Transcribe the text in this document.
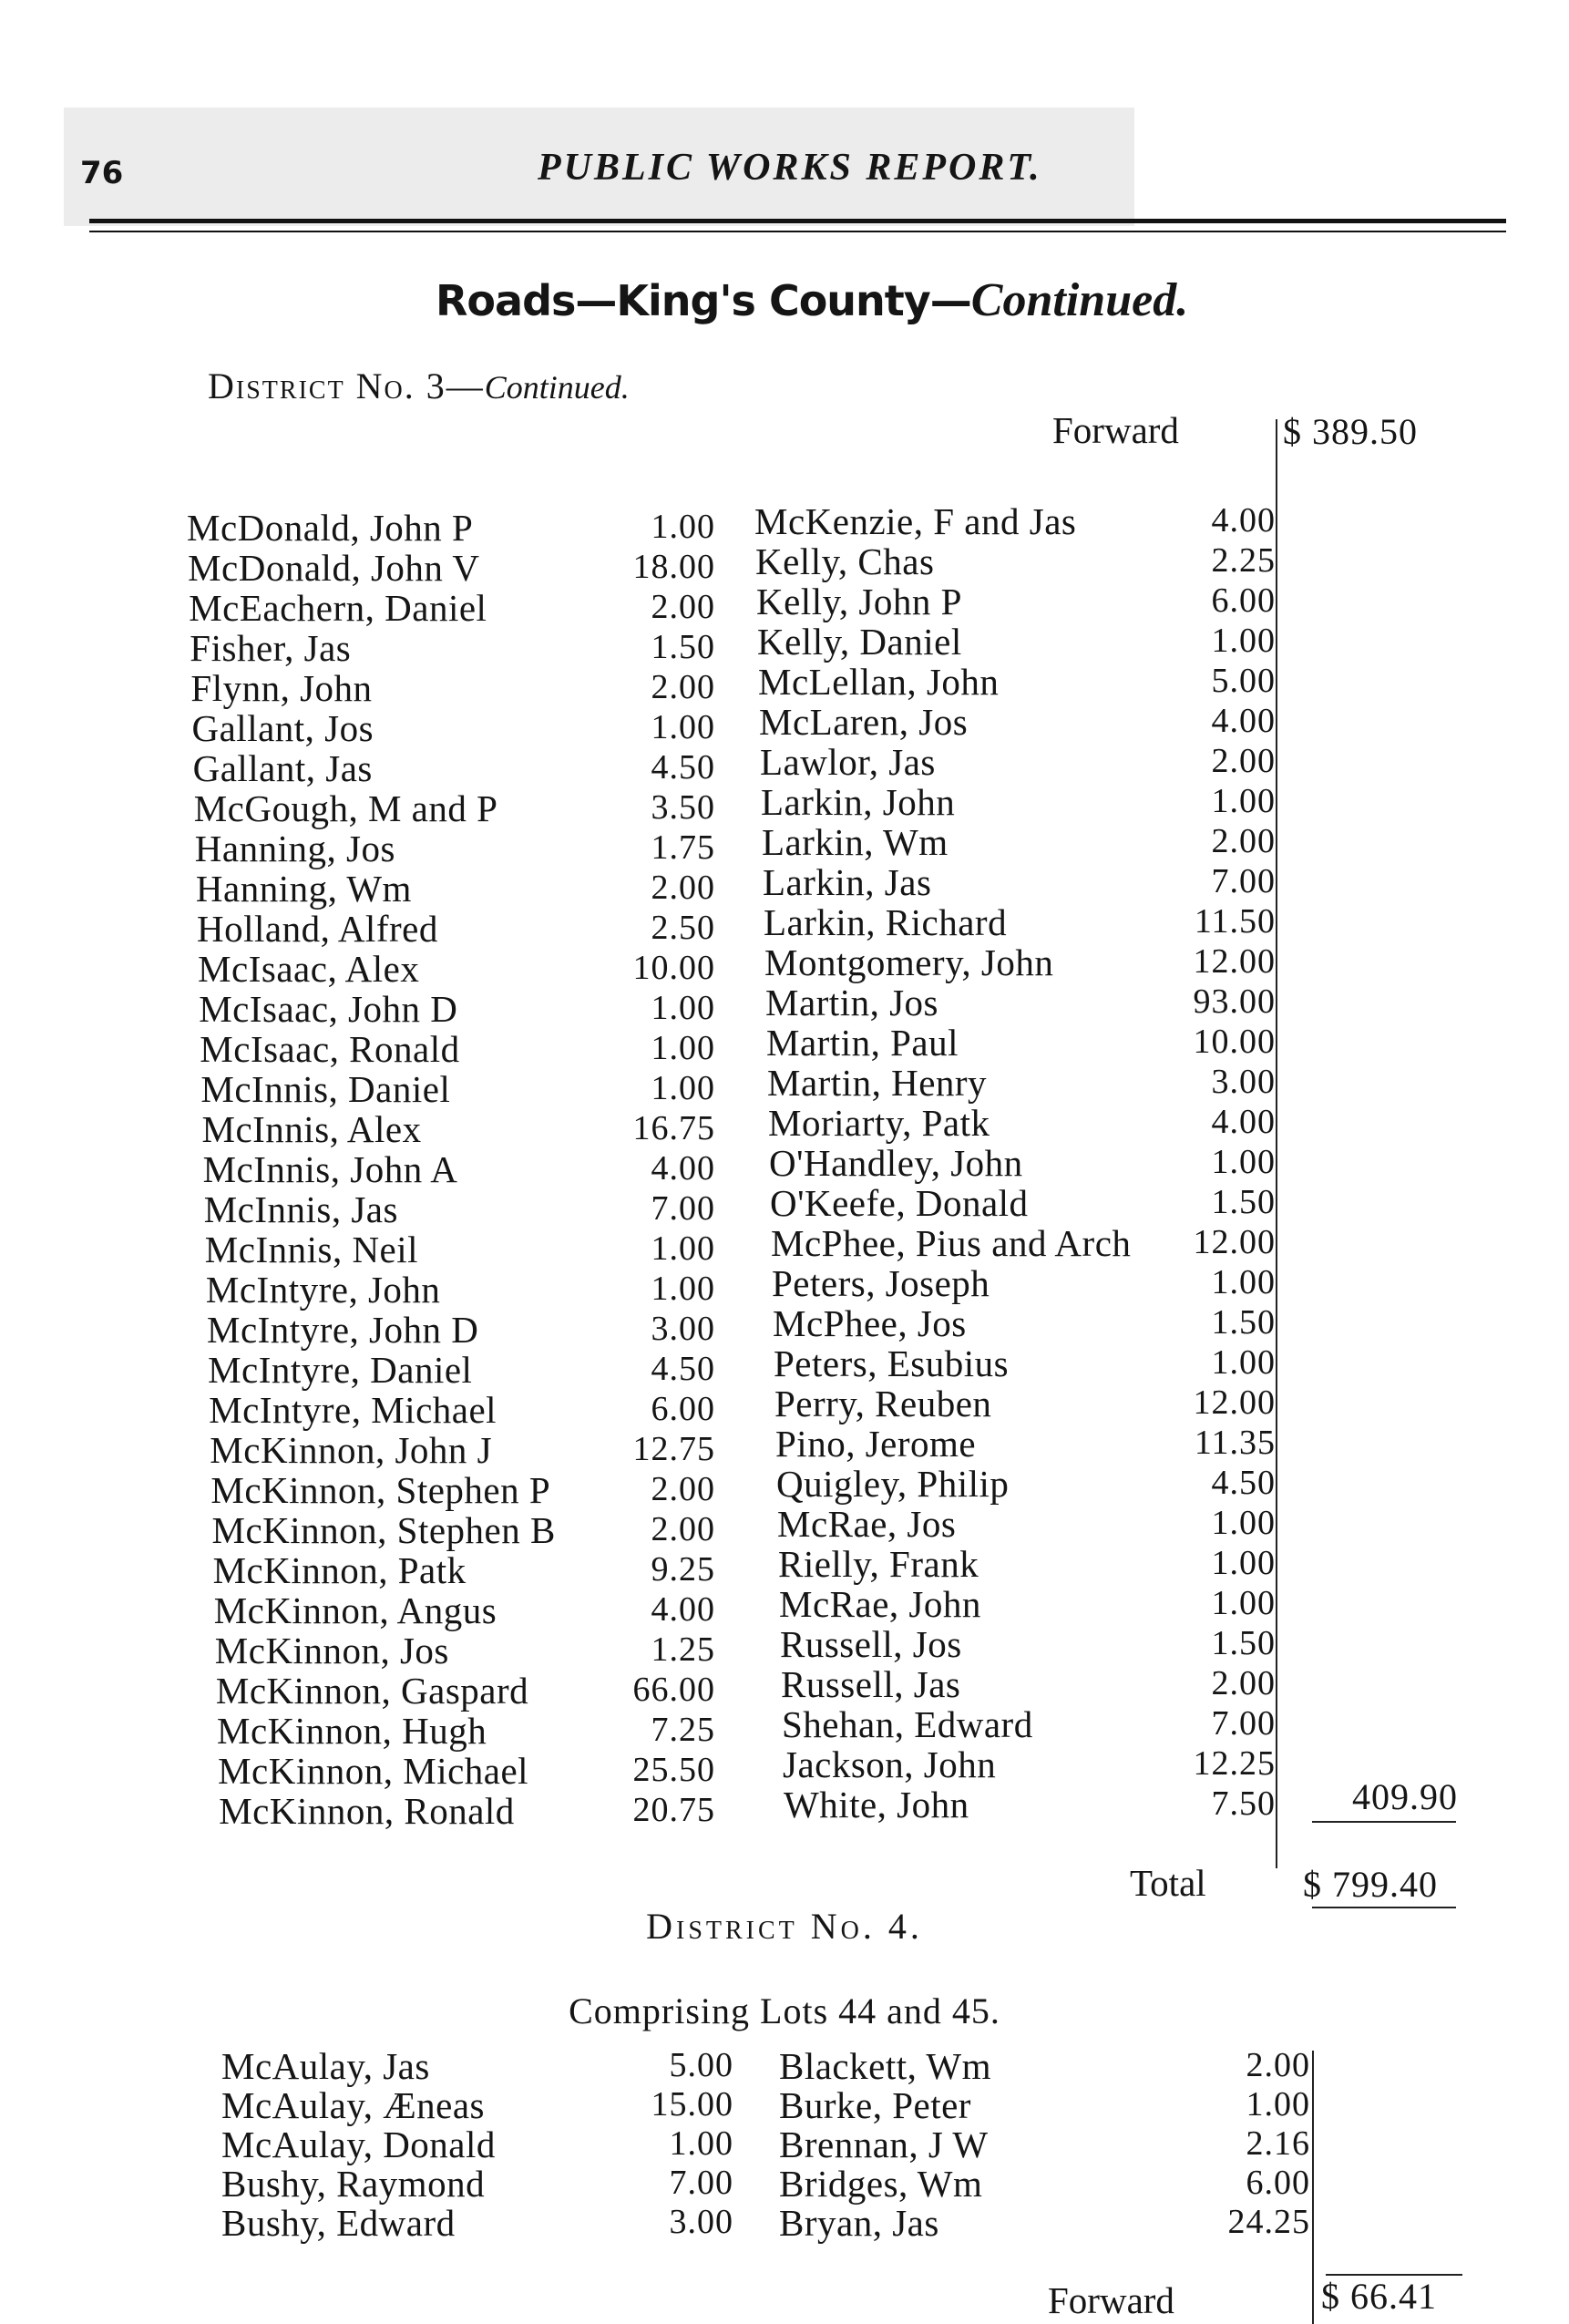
76	PUBLIC WORKS REPORT.
Roads—King's County—Continued.
District No. 3—Continued.
Forward	$ 389.50
McDonald, John P	1.00
McDonald, John V	18.00
McEachern, Daniel	2.00
Fisher, Jas	1.50
Flynn, John	2.00
Gallant, Jos	1.00
Gallant, Jas	4.50
McGough, M and P	3.50
Hanning, Jos	1.75
Hanning, Wm	2.00
Holland, Alfred	2.50
McIsaac, Alex	10.00
McIsaac, John D	1.00
McIsaac, Ronald	1.00
McInnis, Daniel	1.00
McInnis, Alex	16.75
McInnis, John A	4.00
McInnis, Jas	7.00
McInnis, Neil	1.00
McIntyre, John	1.00
McIntyre, John D	3.00
McIntyre, Daniel	4.50
McIntyre, Michael	6.00
McKinnon, John J	12.75
McKinnon, Stephen P	2.00
McKinnon, Stephen B	2.00
McKinnon, Patk	9.25
McKinnon, Angus	4.00
McKinnon, Jos	1.25
McKinnon, Gaspard	66.00
McKinnon, Hugh	7.25
McKinnon, Michael	25.50
McKinnon, Ronald	20.75
McKenzie, F and Jas	4.00
Kelly, Chas	2.25
Kelly, John P	6.00
Kelly, Daniel	1.00
McLellan, John	5.00
McLaren, Jos	4.00
Lawlor, Jas	2.00
Larkin, John	1.00
Larkin, Wm	2.00
Larkin, Jas	7.00
Larkin, Richard	11.50
Montgomery, John	12.00
Martin, Jos	93.00
Martin, Paul	10.00
Martin, Henry	3.00
Moriarty, Patk	4.00
O'Handley, John	1.00
O'Keefe, Donald	1.50
McPhee, Pius and Arch	12.00
Peters, Joseph	1.00
McPhee, Jos	1.50
Peters, Esubius	1.00
Perry, Reuben	12.00
Pino, Jerome	11.35
Quigley, Philip	4.50
McRae, Jos	1.00
Rielly, Frank	1.00
McRae, John	1.00
Russell, Jos	1.50
Russell, Jas	2.00
Shehan, Edward	7.00
Jackson, John	12.25
White, John	7.50	409.90
Total	$ 799.40
District No. 4.
Comprising Lots 44 and 45.
McAulay, Jas	5.00
McAulay, Æneas	15.00
McAulay, Donald	1.00
Bushy, Raymond	7.00
Bushy, Edward	3.00
Blackett, Wm	2.00
Burke, Peter	1.00
Brennan, J W	2.16
Bridges, Wm	6.00
Bryan, Jas	24.25
Forward	$ 66.41
